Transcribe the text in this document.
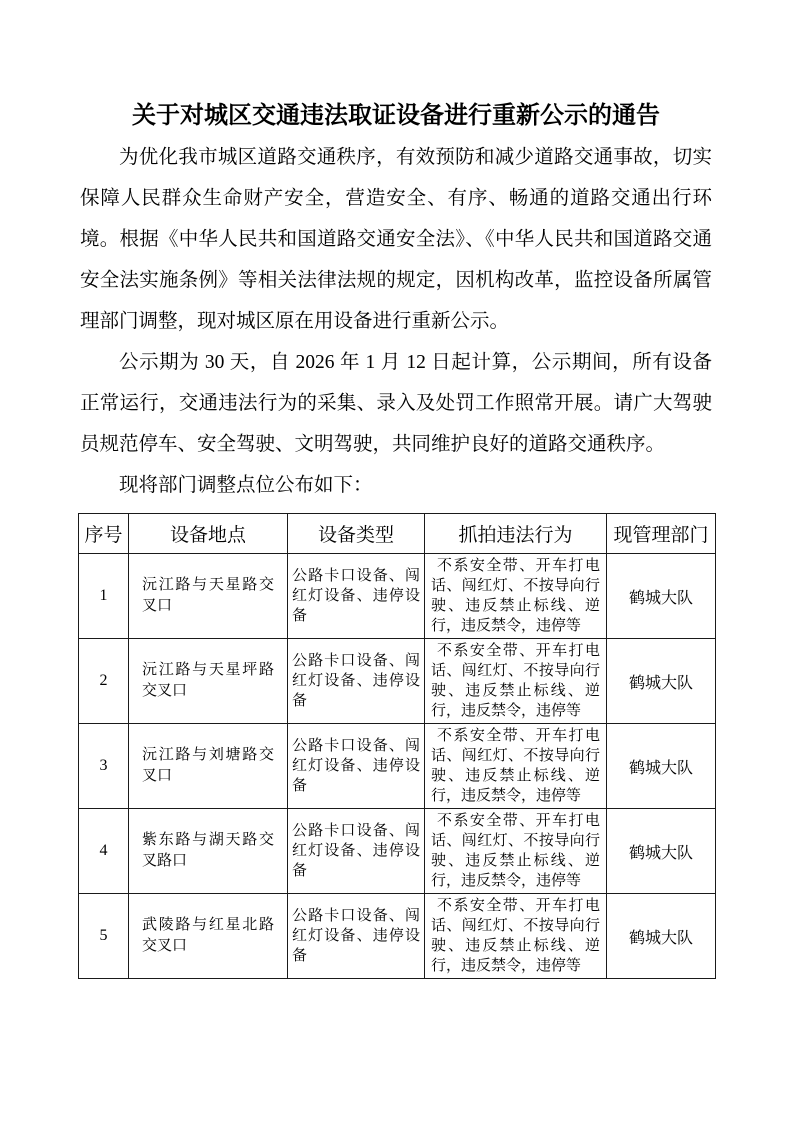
关于对城区交通违法取证设备进行重新公示的通告

为优化我市城区道路交通秩序，有效预防和减少道路交通事故，切实保障人民群众生命财产安全，营造安全、有序、畅通的道路交通出行环境。根据《中华人民共和国道路交通安全法》、《中华人民共和国道路交通安全法实施条例》等相关法律法规的规定，因机构改革，监控设备所属管理部门调整，现对城区原在用设备进行重新公示。

公示期为 30 天，自 2026 年 1 月 12 日起计算，公示期间，所有设备正常运行，交通违法行为的采集、录入及处罚工作照常开展。请广大驾驶员规范停车、安全驾驶、文明驾驶，共同维护良好的道路交通秩序。

现将部门调整点位公布如下：

序号	设备地点	设备类型	抓拍违法行为	现管理部门
1	沅江路与天星路交叉口	公路卡口设备、闯红灯设备、违停设备	不系安全带、开车打电话、闯红灯、不按导向行驶、违反禁止标线、逆行，违反禁令，违停等	鹤城大队
2	沅江路与天星坪路交叉口	公路卡口设备、闯红灯设备、违停设备	不系安全带、开车打电话、闯红灯、不按导向行驶、违反禁止标线、逆行，违反禁令，违停等	鹤城大队
3	沅江路与刘塘路交叉口	公路卡口设备、闯红灯设备、违停设备	不系安全带、开车打电话、闯红灯、不按导向行驶、违反禁止标线、逆行，违反禁令，违停等	鹤城大队
4	紫东路与湖天路交叉路口	公路卡口设备、闯红灯设备、违停设备	不系安全带、开车打电话、闯红灯、不按导向行驶、违反禁止标线、逆行，违反禁令，违停等	鹤城大队
5	武陵路与红星北路交叉口	公路卡口设备、闯红灯设备、违停设备	不系安全带、开车打电话、闯红灯、不按导向行驶、违反禁止标线、逆行，违反禁令，违停等	鹤城大队
